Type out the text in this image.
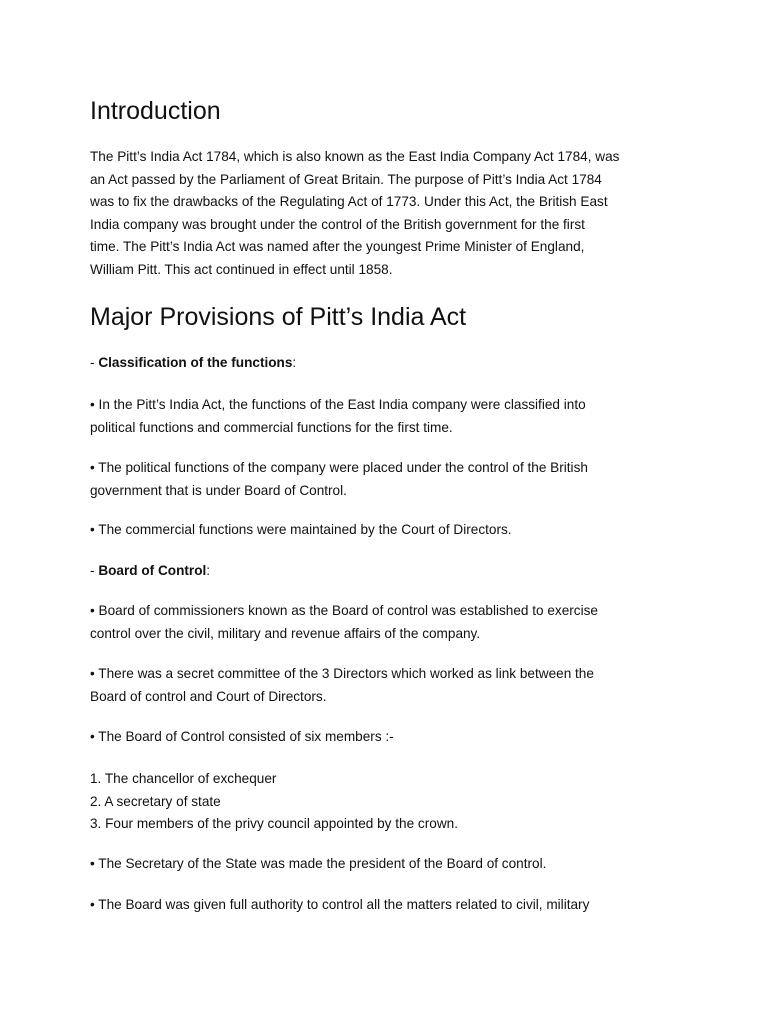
Introduction

The Pitt’s India Act 1784, which is also known as the East India Company Act 1784, was
an Act passed by the Parliament of Great Britain. The purpose of Pitt’s India Act 1784
was to fix the drawbacks of the Regulating Act of 1773. Under this Act, the British East
India company was brought under the control of the British government for the first
time. The Pitt’s India Act was named after the youngest Prime Minister of England,
William Pitt. This act continued in effect until 1858.

Major Provisions of Pitt’s India Act

- Classification of the functions:

• In the Pitt’s India Act, the functions of the East India company were classified into
political functions and commercial functions for the first time.

• The political functions of the company were placed under the control of the British
government that is under Board of Control.

• The commercial functions were maintained by the Court of Directors.

- Board of Control:

• Board of commissioners known as the Board of control was established to exercise
control over the civil, military and revenue affairs of the company.

• There was a secret committee of the 3 Directors which worked as link between the
Board of control and Court of Directors.

• The Board of Control consisted of six members :-

1. The chancellor of exchequer
2. A secretary of state
3. Four members of the privy council appointed by the crown.

• The Secretary of the State was made the president of the Board of control.

• The Board was given full authority to control all the matters related to civil, military
